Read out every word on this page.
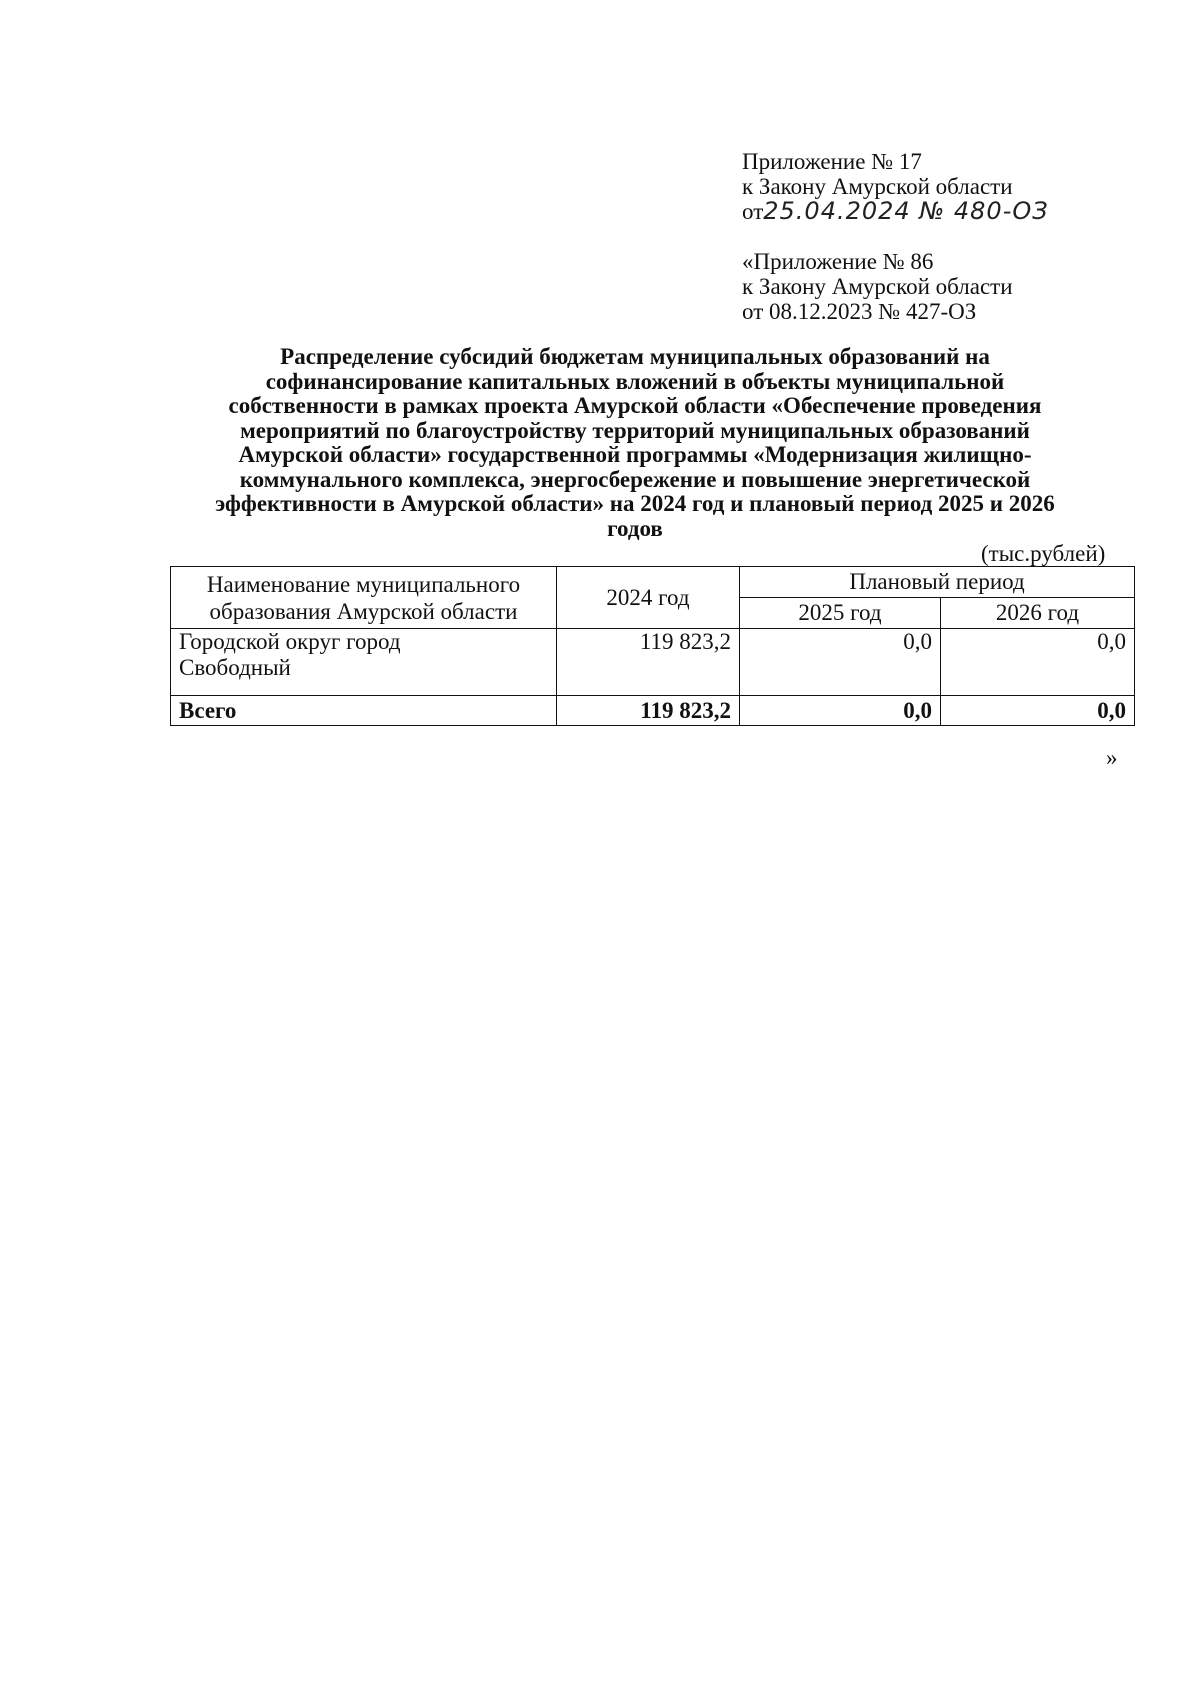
Приложение № 17
к Закону Амурской области
от25.04.2024 № 480-ОЗ
«Приложение № 86
к Закону Амурской области
от 08.12.2023 № 427-ОЗ
Распределение субсидий бюджетам муниципальных образований на
софинансирование капитальных вложений в объекты муниципальной
собственности в рамках проекта Амурской области «Обеспечение проведения
мероприятий по благоустройству территорий муниципальных образований
Амурской области» государственной программы «Модернизация жилищно-
коммунального комплекса, энергосбережение и повышение энергетической
эффективности в Амурской области» на 2024 год и плановый период 2025 и 2026
годов
(тыс.рублей)
Наименование муниципального
образования Амурской области	2024 год	Плановый период	
		2025 год	2026 год

Городской округ город
Свободный	119 823,2	0,0	0,0
Всего	119 823,2	0,0	0,0
»
